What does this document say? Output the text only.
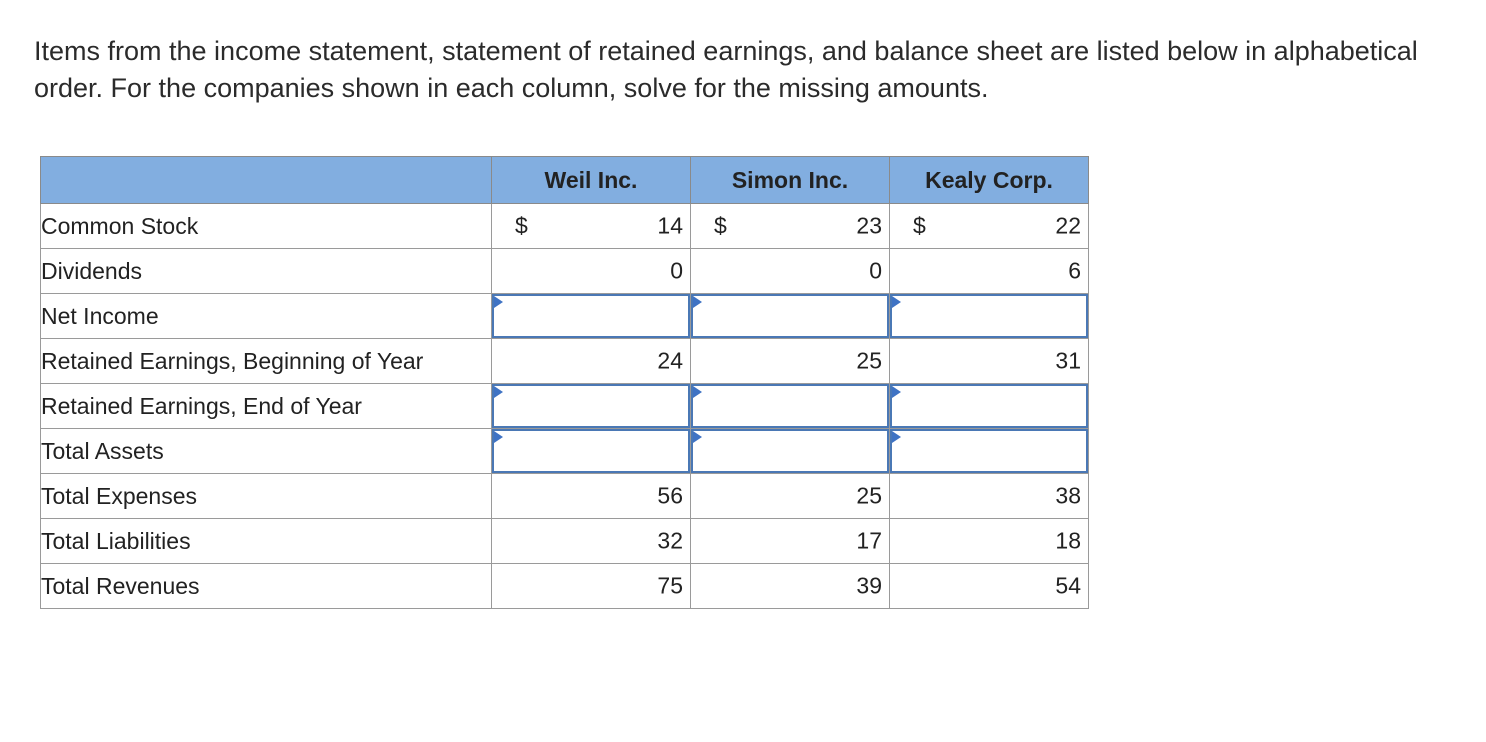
Items from the income statement, statement of retained earnings, and balance sheet are listed below in alphabetical order. For the companies shown in each column, solve for the missing amounts.

	Weil Inc.	Simon Inc.	Kealy Corp.
Common Stock	$ 14	$ 23	$ 22

Dividends	0	0	6

Net Income	

Retained Earnings, Beginning of Year	24	25	31

Retained Earnings, End of Year	

Total Assets	

Total Expenses	56	25	38

Total Liabilities	32	17	18

Total Revenues	75	39	54
